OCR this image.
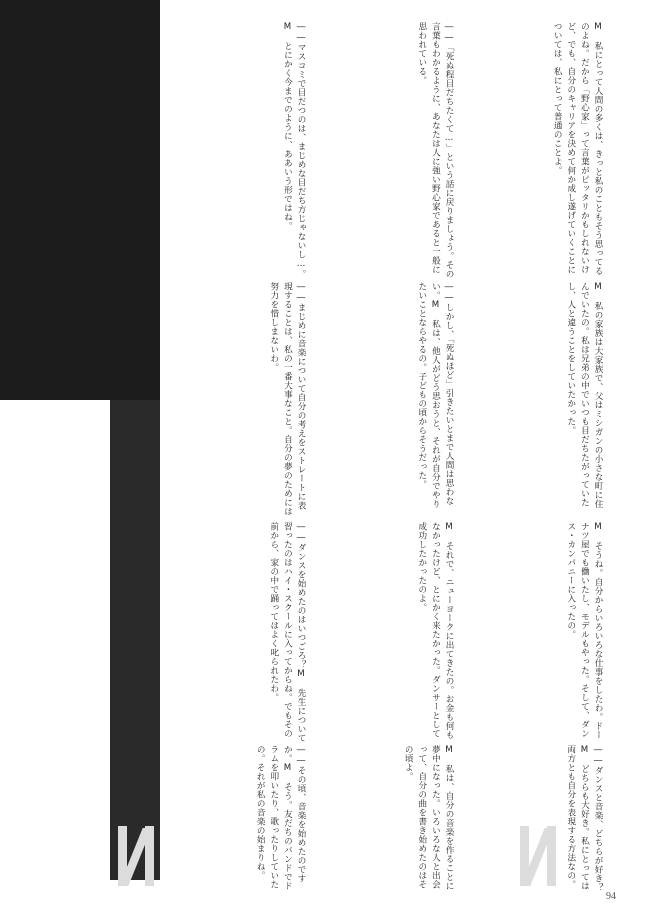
――マスコミで目だつのは、まじめな目だち方じゃないし…。M　とにかく今までのように、ああいう形ではね。	――「死ぬ程目だちたくて…」という話に戻りましょう。その言葉もわかるように、あなたは人に強い野心家であると一般に思われている。	M　私にとって人間の多くは、きっと私のこともそう思ってるのよね。だから「野心家」って言葉がピッタリかもしれないけど、でも、自分のキャリアを決めて何か成し遂げていくことについては、私にとって普通のことよ。
――まじめに音楽について自分の考えをストレートに表現することは、私の一番大事なこと。自分の夢のためには努力を惜しまないわ。	――しかし、「死ぬほど」引きたいとまで人間は思わない。M　私は、他人がどう思おうと、それが自分でやりたいことならやるの。子どもの頃からそうだった。	M　私の家族は大家族で、父はミシガンの小さな町に住んでいたの。私は兄弟の中でいつも目だちたがっていたし、人と違うことをしていたかった。
――ダンスを始めたのはいつごろ？M　先生について習ったのはハイ・スクールに入ってからね。でもその前から、家の中で踊ってはよく叱られたわ。	M　それで、ニューヨークに出てきたの。お金も何もなかったけど、とにかく来たかった。ダンサーとして成功したかったのよ。	M　そうね。自分からいろいろな仕事をしたわ。ドーナツ屋でも働いたし、モデルもやった。そして、ダンス・カンパニーに入ったの。
――その頃、音楽を始めたのですか。M　そう。友だちのバンドでドラムを叩いたり、歌ったりしていたの。それが私の音楽の始まりね。	M　私は、自分の音楽を作ることに夢中になった。いろいろな人と出会って、自分の曲を書き始めたのはその頃よ。	――ダンスと音楽、どちらが好き？M　どちらも大好き。私にとっては両方とも自分を表現する方法なの。
94
